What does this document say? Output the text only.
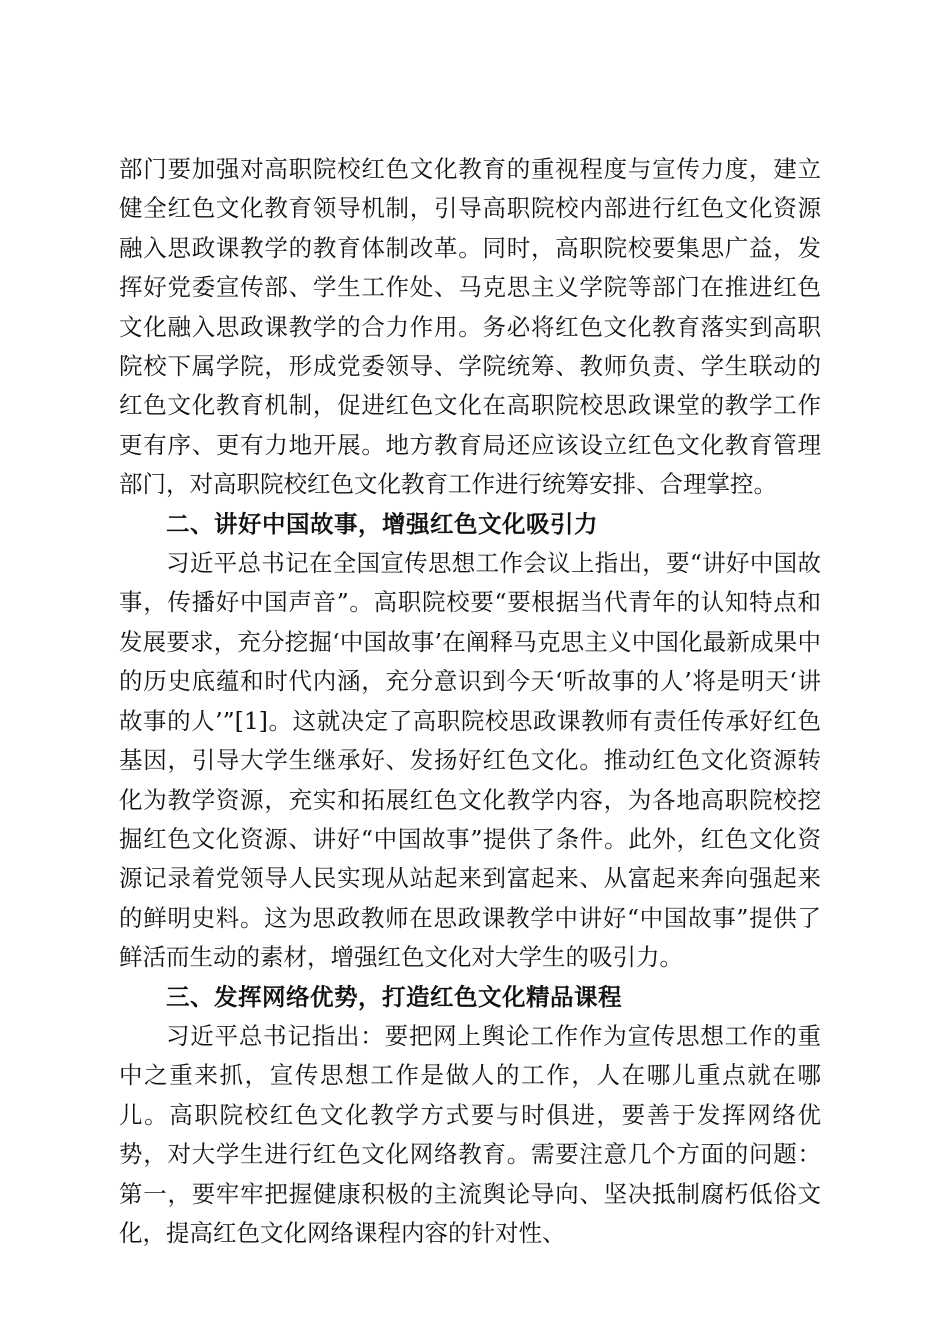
部门要加强对高职院校红色文化教育的重视程度与宣传力度，建立健全红色文化教育领导机制，引导高职院校内部进行红色文化资源融入思政课教学的教育体制改革。同时，高职院校要集思广益，发挥好党委宣传部、学生工作处、马克思主义学院等部门在推进红色文化融入思政课教学的合力作用。务必将红色文化教育落实到高职院校下属学院，形成党委领导、学院统筹、教师负责、学生联动的红色文化教育机制，促进红色文化在高职院校思政课堂的教学工作更有序、更有力地开展。地方教育局还应该设立红色文化教育管理部门，对高职院校红色文化教育工作进行统筹安排、合理掌控。

二、讲好中国故事，增强红色文化吸引力

习近平总书记在全国宣传思想工作会议上指出，要“讲好中国故事，传播好中国声音”。高职院校要“要根据当代青年的认知特点和发展要求，充分挖掘‘中国故事’在阐释马克思主义中国化最新成果中的历史底蕴和时代内涵，充分意识到今天‘听故事的人’将是明天‘讲故事的人’”[1]。这就决定了高职院校思政课教师有责任传承好红色基因，引导大学生继承好、发扬好红色文化。推动红色文化资源转化为教学资源，充实和拓展红色文化教学内容，为各地高职院校挖掘红色文化资源、讲好“中国故事”提供了条件。此外，红色文化资源记录着党领导人民实现从站起来到富起来、从富起来奔向强起来的鲜明史料。这为思政教师在思政课教学中讲好“中国故事”提供了鲜活而生动的素材，增强红色文化对大学生的吸引力。

三、发挥网络优势，打造红色文化精品课程

习近平总书记指出：要把网上舆论工作作为宣传思想工作的重中之重来抓，宣传思想工作是做人的工作，人在哪儿重点就在哪儿。高职院校红色文化教学方式要与时俱进，要善于发挥网络优势，对大学生进行红色文化网络教育。需要注意几个方面的问题：第一，要牢牢把握健康积极的主流舆论导向、坚决抵制腐朽低俗文化，提高红色文化网络课程内容的针对性、
